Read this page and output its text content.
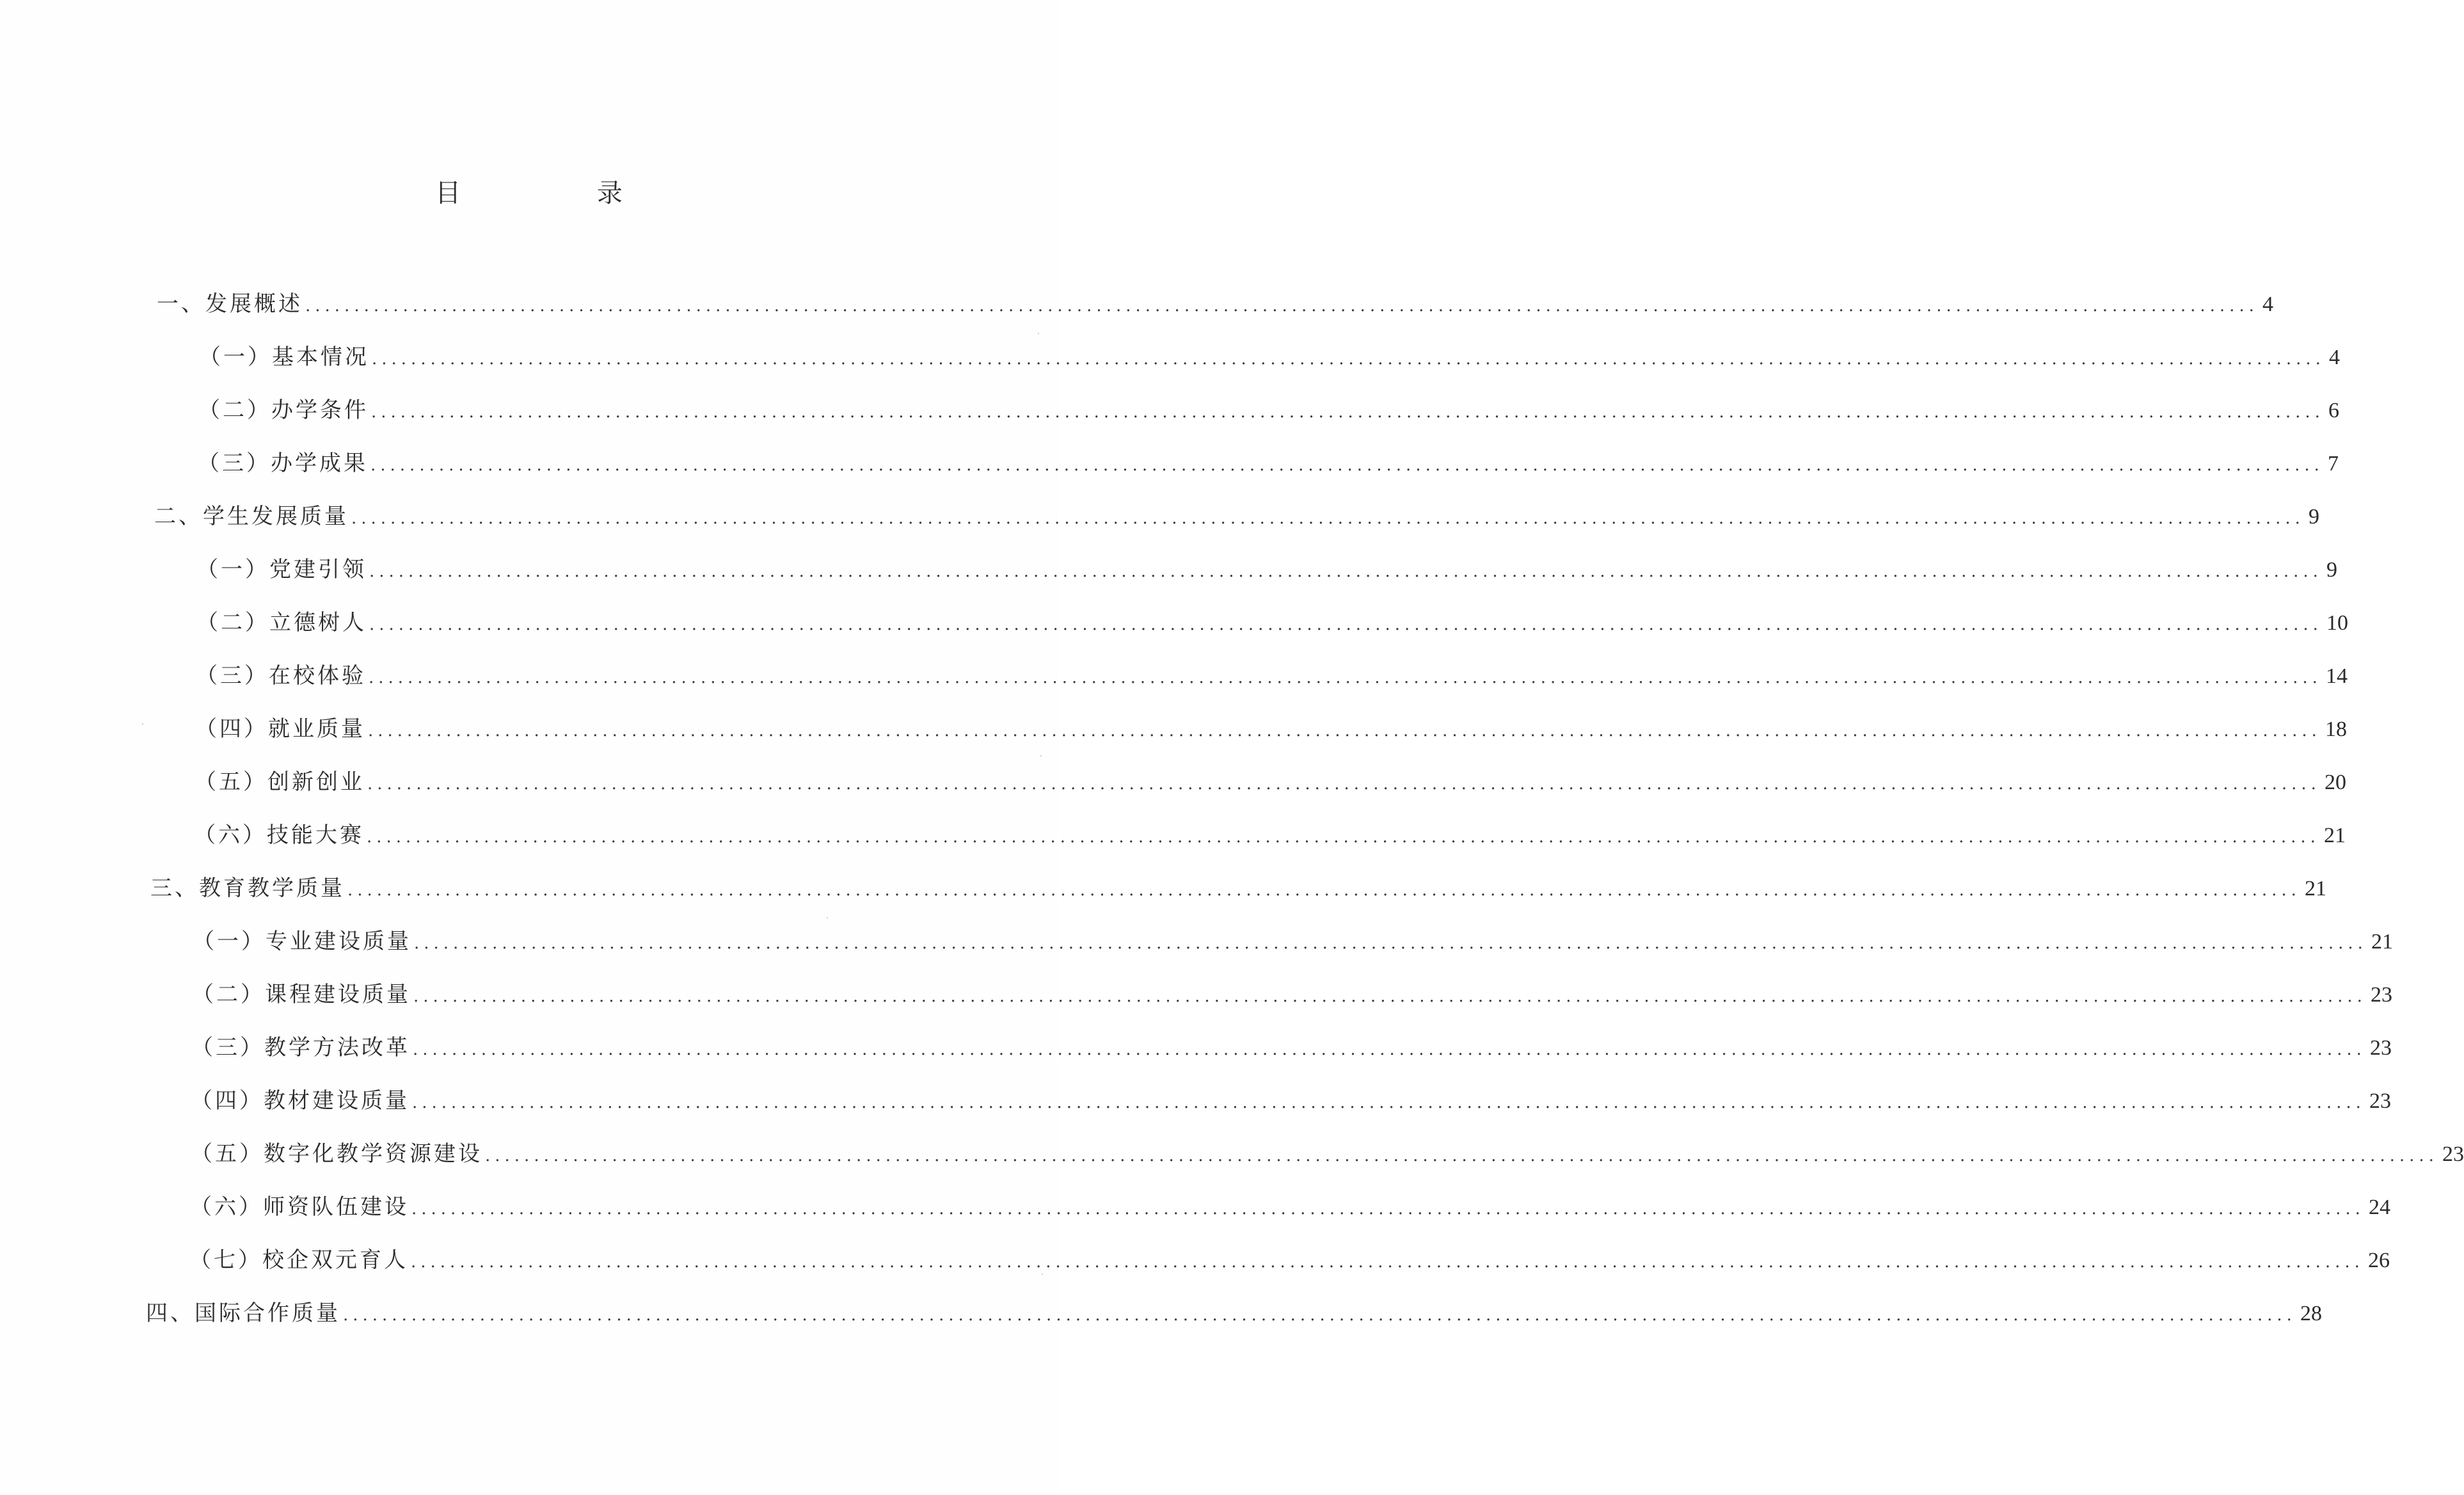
目 录
一、发展概述 ........................................................................................................................................................................................................ 4
（一）基本情况 ........................................................................................................................................................................................................ 4
（二）办学条件 ........................................................................................................................................................................................................ 6
（三）办学成果 ........................................................................................................................................................................................................ 7
二、学生发展质量 ........................................................................................................................................................................................................ 9
（一）党建引领 ........................................................................................................................................................................................................ 9
（二）立德树人 ........................................................................................................................................................................................................ 10
（三）在校体验 ........................................................................................................................................................................................................ 14
（四）就业质量 ........................................................................................................................................................................................................ 18
（五）创新创业 ........................................................................................................................................................................................................ 20
（六）技能大赛 ........................................................................................................................................................................................................ 21
三、教育教学质量 ........................................................................................................................................................................................................ 21
（一）专业建设质量 ........................................................................................................................................................................................................ 21
（二）课程建设质量 ........................................................................................................................................................................................................ 23
（三）教学方法改革 ........................................................................................................................................................................................................ 23
（四）教材建设质量 ........................................................................................................................................................................................................ 23
（五）数字化教学资源建设 ........................................................................................................................................................................................................ 23
（六）师资队伍建设 ........................................................................................................................................................................................................ 24
（七）校企双元育人 ........................................................................................................................................................................................................ 26
四、国际合作质量 ........................................................................................................................................................................................................ 28
